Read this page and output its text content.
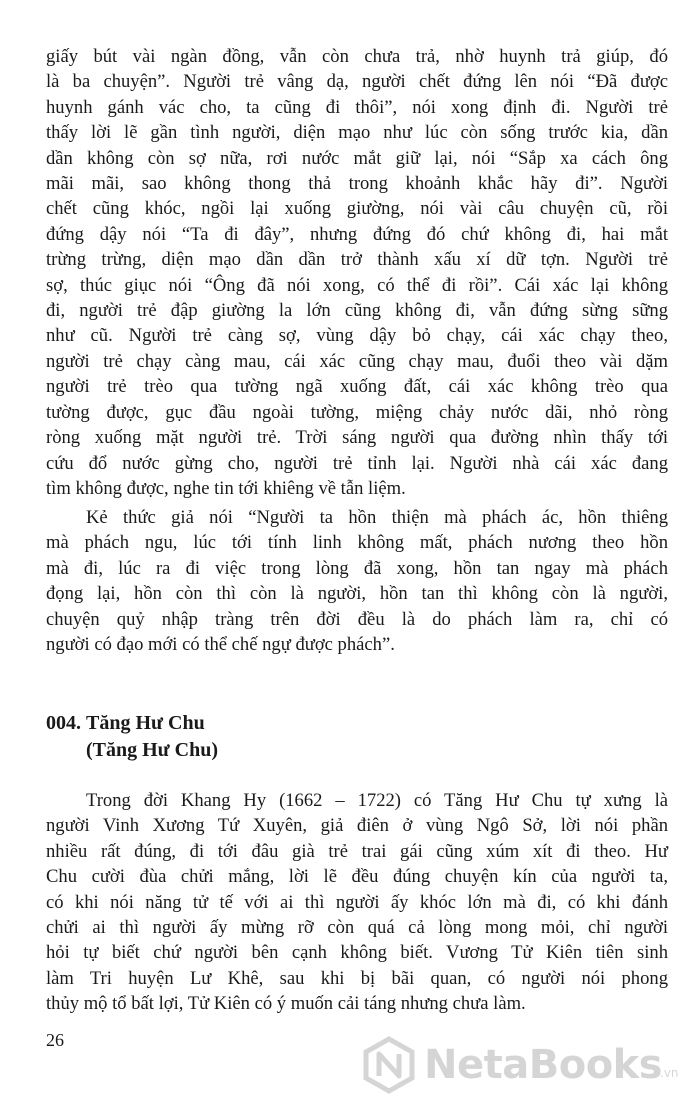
giấy bút vài ngàn đồng, vẫn còn chưa trả, nhờ huynh trả giúp, đó
là ba chuyện”. Người trẻ vâng dạ, người chết đứng lên nói “Đã được
huynh gánh vác cho, ta cũng đi thôi”, nói xong định đi. Người trẻ
thấy lời lẽ gần tình người, diện mạo như lúc còn sống trước kia, dần
dần không còn sợ nữa, rơi nước mắt giữ lại, nói “Sắp xa cách ông
mãi mãi, sao không thong thả trong khoảnh khắc hãy đi”. Người
chết cũng khóc, ngồi lại xuống giường, nói vài câu chuyện cũ, rồi
đứng dậy nói “Ta đi đây”, nhưng đứng đó chứ không đi, hai mắt
trừng trừng, diện mạo dần dần trở thành xấu xí dữ tợn. Người trẻ
sợ, thúc giục nói “Ông đã nói xong, có thể đi rồi”. Cái xác lại không
đi, người trẻ đập giường la lớn cũng không đi, vẫn đứng sừng sững
như cũ. Người trẻ càng sợ, vùng dậy bỏ chạy, cái xác chạy theo,
người trẻ chạy càng mau, cái xác cũng chạy mau, đuổi theo vài dặm
người trẻ trèo qua tường ngã xuống đất, cái xác không trèo qua
tường được, gục đầu ngoài tường, miệng chảy nước dãi, nhỏ ròng
ròng xuống mặt người trẻ. Trời sáng người qua đường nhìn thấy tới
cứu đổ nước gừng cho, người trẻ tỉnh lại. Người nhà cái xác đang
tìm không được, nghe tin tới khiêng về tẫn liệm.
Kẻ thức giả nói “Người ta hồn thiện mà phách ác, hồn thiêng
mà phách ngu, lúc tới tính linh không mất, phách nương theo hồn
mà đi, lúc ra đi việc trong lòng đã xong, hồn tan ngay mà phách
đọng lại, hồn còn thì còn là người, hồn tan thì không còn là người,
chuyện quỷ nhập tràng trên đời đều là do phách làm ra, chỉ có
người có đạo mới có thể chế ngự được phách”.
004. Tăng Hư Chu
(Tăng Hư Chu)
Trong đời Khang Hy (1662 – 1722) có Tăng Hư Chu tự xưng là
người Vinh Xương Tứ Xuyên, giả điên ở vùng Ngô Sở, lời nói phần
nhiều rất đúng, đi tới đâu già trẻ trai gái cũng xúm xít đi theo. Hư
Chu cười đùa chửi mắng, lời lẽ đều đúng chuyện kín của người ta,
có khi nói năng tử tế với ai thì người ấy khóc lớn mà đi, có khi đánh
chửi ai thì người ấy mừng rỡ còn quá cả lòng mong mỏi, chỉ người
hỏi tự biết chứ người bên cạnh không biết. Vương Tử Kiên tiên sinh
làm Tri huyện Lư Khê, sau khi bị bãi quan, có người nói phong
thủy mộ tổ bất lợi, Tử Kiên có ý muốn cải táng nhưng chưa làm.
26
NetaBooks
.vn
